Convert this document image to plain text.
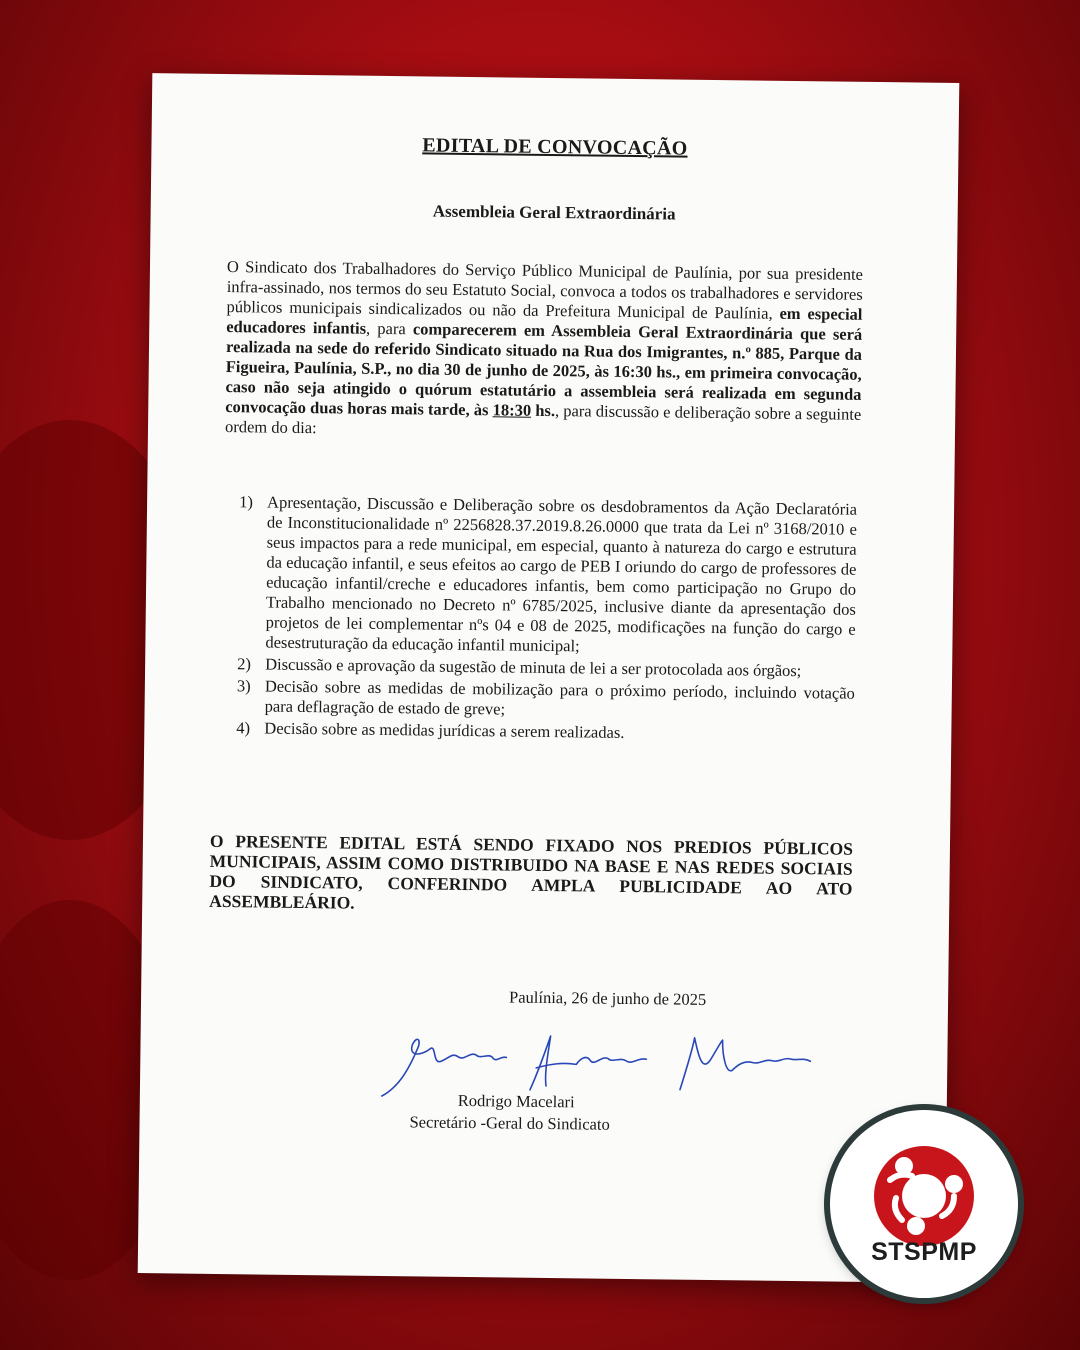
EDITAL DE CONVOCAÇÃO
Assembleia Geral Extraordinária
O Sindicato dos Trabalhadores do Serviço Público Municipal de Paulínia, por sua presidente infra-assinado, nos termos do seu Estatuto Social, convoca a todos os trabalhadores e servidores públicos municipais sindicalizados ou não da Prefeitura Municipal de Paulínia, em especial educadores infantis, para comparecerem em Assembleia Geral Extraordinária que será realizada na sede do referido Sindicato situado na Rua dos Imigrantes, n.º 885, Parque da Figueira, Paulínia, S.P., no dia 30 de junho de 2025, às 16:30 hs., em primeira convocação, caso não seja atingido o quórum estatutário a assembleia será realizada em segunda convocação duas horas mais tarde, às 18:30 hs., para discussão e deliberação sobre a seguinte ordem do dia:
1) Apresentação, Discussão e Deliberação sobre os desdobramentos da Ação Declaratória de Inconstitucionalidade nº 2256828.37.2019.8.26.0000 que trata da Lei nº 3168/2010 e seus impactos para a rede municipal, em especial, quanto à natureza do cargo e estrutura da educação infantil, e seus efeitos ao cargo de PEB I oriundo do cargo de professores de educação infantil/creche e educadores infantis, bem como participação no Grupo do Trabalho mencionado no Decreto nº 6785/2025, inclusive diante da apresentação dos projetos de lei complementar nºs 04 e 08 de 2025, modificações na função do cargo e desestruturação da educação infantil municipal;
2) Discussão e aprovação da sugestão de minuta de lei a ser protocolada aos órgãos;
3) Decisão sobre as medidas de mobilização para o próximo período, incluindo votação para deflagração de estado de greve;
4) Decisão sobre as medidas jurídicas a serem realizadas.
O PRESENTE EDITAL ESTÁ SENDO FIXADO NOS PREDIOS PÚBLICOS MUNICIPAIS, ASSIM COMO DISTRIBUIDO NA BASE E NAS REDES SOCIAIS DO SINDICATO, CONFERINDO AMPLA PUBLICIDADE AO ATO ASSEMBLEÁRIO.
Paulínia, 26 de junho de 2025
Rodrigo Macelari
Secretário -Geral do Sindicato
STSPMP
